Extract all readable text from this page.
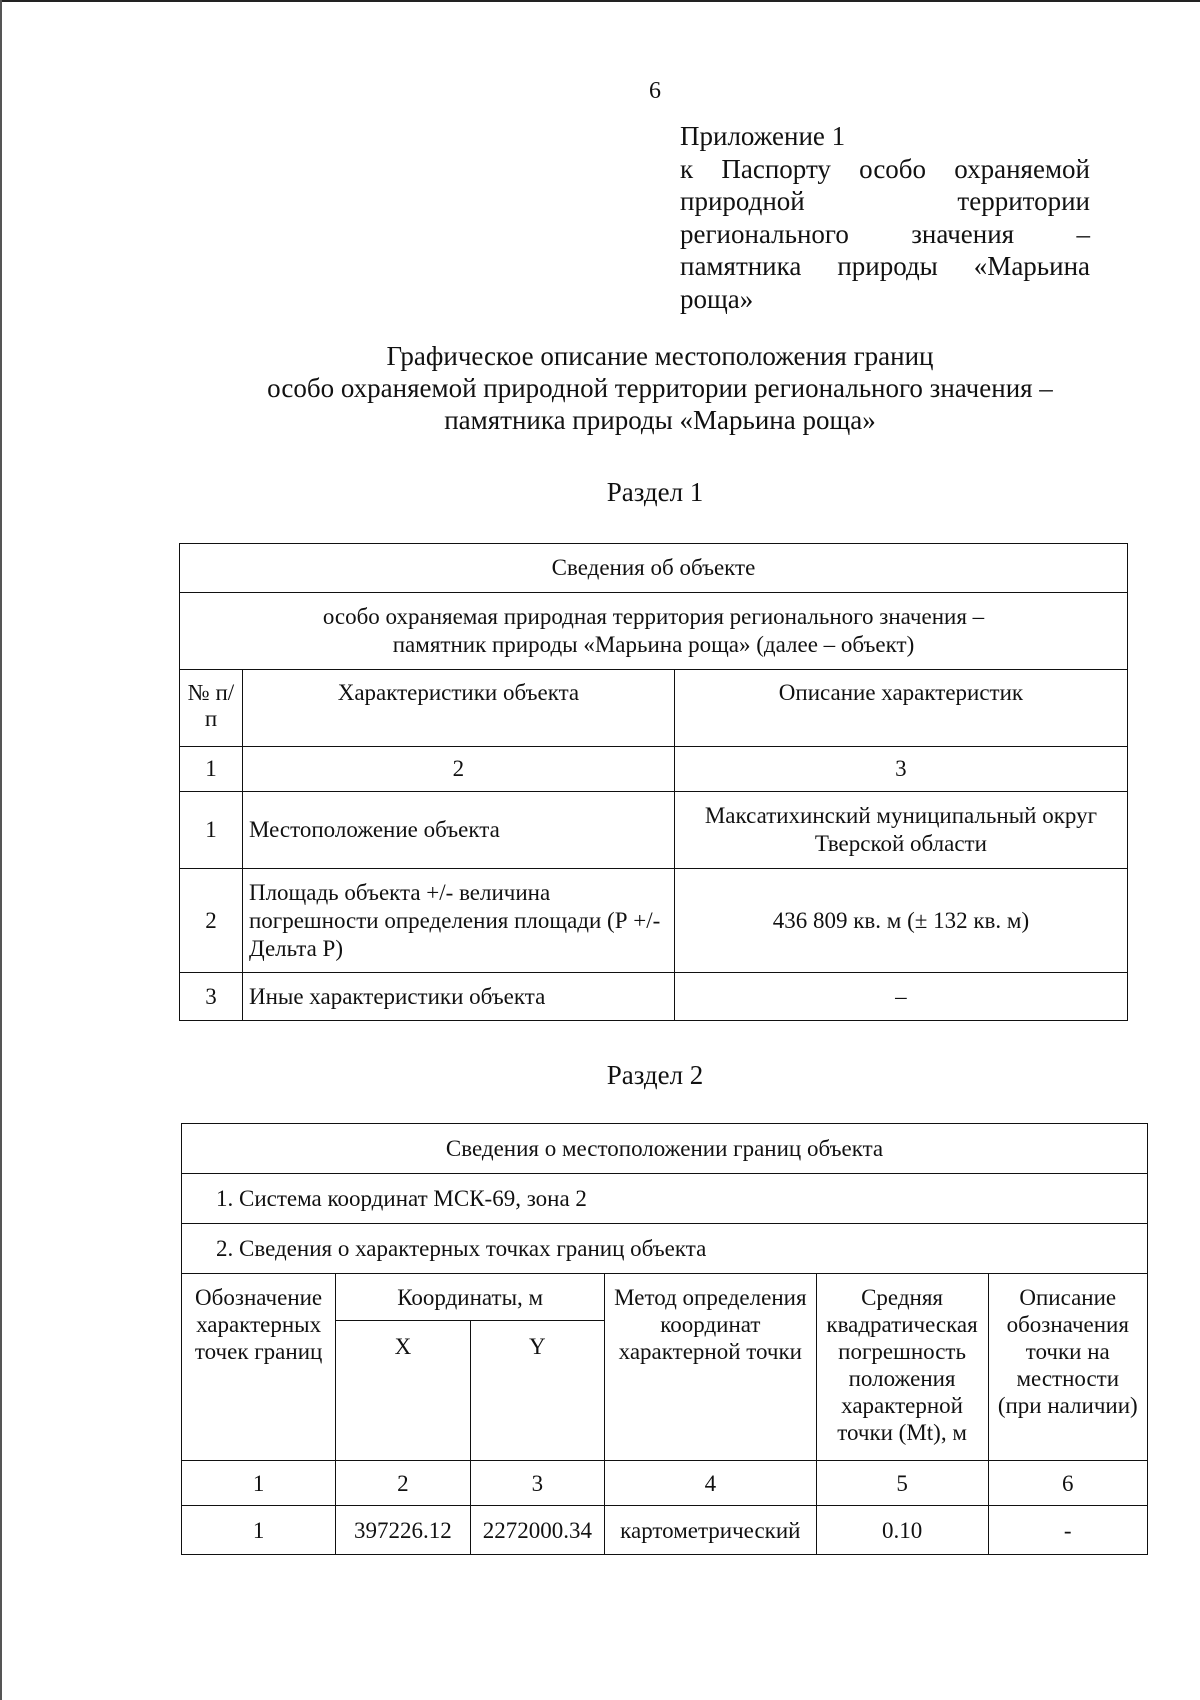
6
Приложение 1
к Паспорту особо охраняемой
природной территории
регионального значения –
памятника природы «Марьина
роща»
Графическое описание местоположения границ
особо охраняемой природной территории регионального значения –
памятника природы «Марьина роща»
Раздел 1
Сведения об объекте		

особо охраняемая природная территория регионального значения –
памятник природы «Марьина роща» (далее – объект)		

№ п/п	Характеристики объекта	Описание характеристик
1	2	3
1	Местоположение объекта	Максатихинский муниципальный округ Тверской области
2	Площадь объекта +/- величина погрешности определения площади (Р +/- Дельта Р)	436 809 кв. м (± 132 кв. м)
3	Иные характеристики объекта	–
Раздел 2
Сведения о местоположении границ объекта					
1. Система координат МСК-69, зона 2					
2. Сведения о характерных точках границ объекта					
Обозначение характерных точек границ	Координаты, м		Метод определения координат характерной точки	Средняя квадратическая погрешность положения характерной точки (Mt), м	Описание обозначения точки на местности (при наличии)
	X	Y			
1	2	3	4	5	6
1	397226.12	2272000.34	картометрический	0.10	-
